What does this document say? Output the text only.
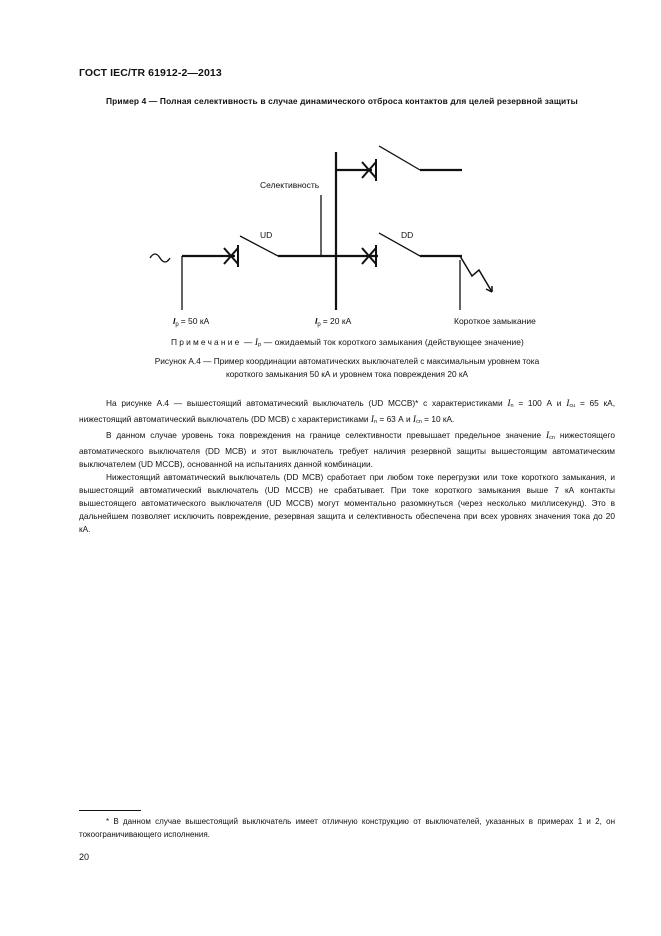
ГОСТ IEC/TR 61912-2—2013
Пример 4 — Полная селективность в случае динамического отброса контактов для целей резервной защиты
Селективность
UD	DD
$I_p = 50$ кА	$I_p = 20$ кА	Короткое замыкание
Примечание — $I_p$ — ожидаемый ток короткого замыкания (действующее значение)
Рисунок А.4 — Пример координации автоматических выключателей с максимальным уровнем тока
короткого замыкания 50 кА и уровнем тока повреждения 20 кА

На рисунке А.4 — вышестоящий автоматический выключатель (UD MCCB)* с характеристиками $I_n = 100$ А и $I_{cu} = 65$ кА, нижестоящий автоматический выключатель (DD MCB) с характеристиками $I_n = 63$ А и $I_{cn} = 10$ кА.

В данном случае уровень тока повреждения на границе селективности превышает предельное значение $I_{cn}$ нижестоящего автоматического выключателя (DD MCB) и этот выключатель требует наличия резервной защиты вышестоящим автоматическим выключателем (UD MCCB), основанной на испытаниях данной комбинации.

Нижестоящий автоматический выключатель (DD MCB) сработает при любом токе перегрузки или токе короткого замыкания, и вышестоящий автоматический выключатель (UD MCCB) не срабатывает. При токе короткого замыкания выше 7 кА контакты вышестоящего автоматического выключателя (UD MCCB) могут моментально разомкнуться (через несколько миллисекунд). Это в дальнейшем позволяет исключить повреждение, резервная защита и селективность обеспечена при всех уровнях значения тока до 20 кА.

* В данном случае вышестоящий выключатель имеет отличную конструкцию от выключателей, указанных в примерах 1 и 2, он токоограничивающего исполнения.

20
